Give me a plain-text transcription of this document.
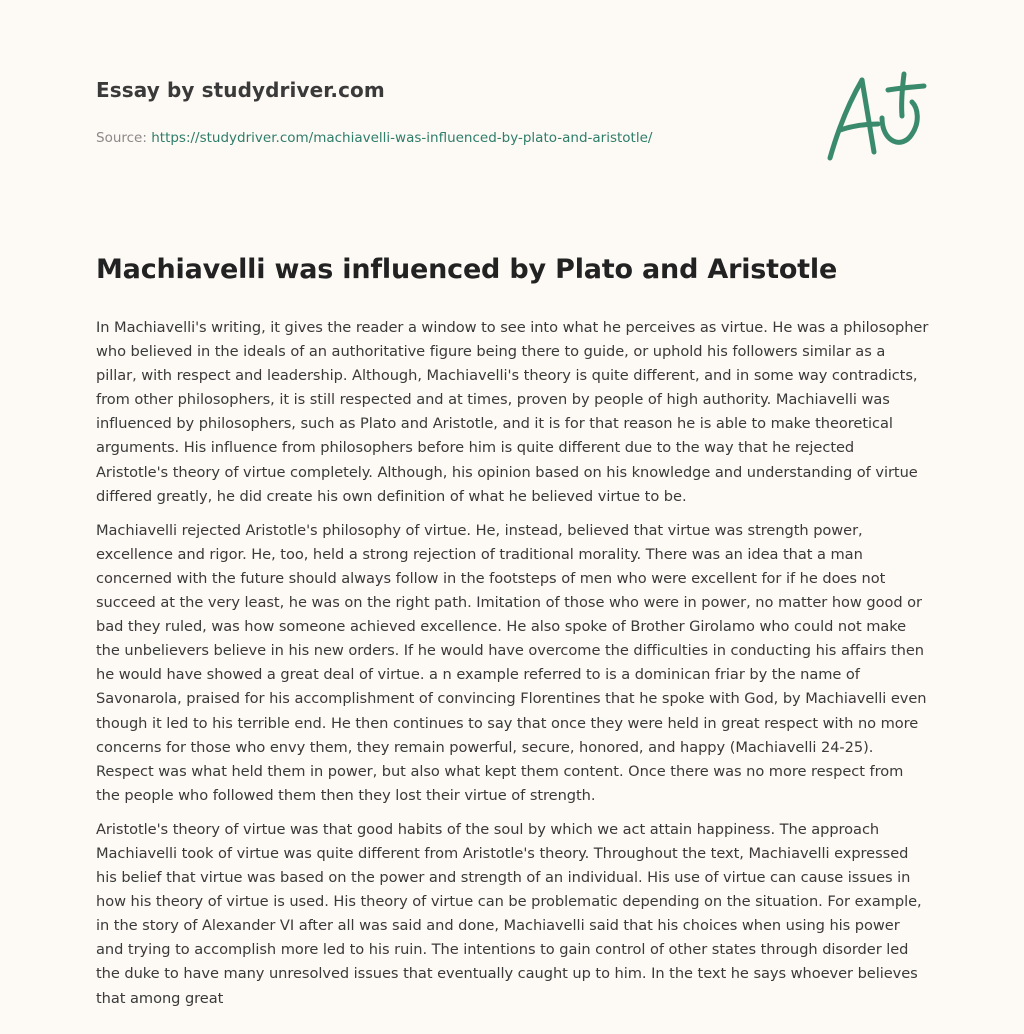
Essay by studydriver.com
Source: https://studydriver.com/machiavelli-was-influenced-by-plato-and-aristotle/
Machiavelli was influenced by Plato and Aristotle

In Machiavelli's writing, it gives the reader a window to see into what he perceives as virtue. He was a philosopher who believed in the ideals of an authoritative figure being there to guide, or uphold his followers similar as a pillar, with respect and leadership. Although, Machiavelli's theory is quite different, and in some way contradicts, from other philosophers, it is still respected and at times, proven by people of high authority. Machiavelli was influenced by philosophers, such as Plato and Aristotle, and it is for that reason he is able to make theoretical arguments. His influence from philosophers before him is quite different due to the way that he rejected Aristotle's theory of virtue completely. Although, his opinion based on his knowledge and understanding of virtue differed greatly, he did create his own definition of what he believed virtue to be.

Machiavelli rejected Aristotle's philosophy of virtue. He, instead, believed that virtue was strength power, excellence and rigor. He, too, held a strong rejection of traditional morality. There was an idea that a man concerned with the future should always follow in the footsteps of men who were excellent for if he does not succeed at the very least, he was on the right path. Imitation of those who were in power, no matter how good or bad they ruled, was how someone achieved excellence. He also spoke of Brother Girolamo who could not make the unbelievers believe in his new orders. If he would have overcome the difficulties in conducting his affairs then he would have showed a great deal of virtue. a n example referred to is a dominican friar by the name of Savonarola, praised for his accomplishment of convincing Florentines that he spoke with God, by Machiavelli even though it led to his terrible end. He then continues to say that once they were held in great respect with no more concerns for those who envy them, they remain powerful, secure, honored, and happy (Machiavelli 24-25). Respect was what held them in power, but also what kept them content. Once there was no more respect from the people who followed them then they lost their virtue of strength.

Aristotle's theory of virtue was that good habits of the soul by which we act attain happiness. The approach Machiavelli took of virtue was quite different from Aristotle's theory. Throughout the text, Machiavelli expressed his belief that virtue was based on the power and strength of an individual. His use of virtue can cause issues in how his theory of virtue is used. His theory of virtue can be problematic depending on the situation. For example, in the story of Alexander VI after all was said and done, Machiavelli said that his choices when using his power and trying to accomplish more led to his ruin. The intentions to gain control of other states through disorder led the duke to have many unresolved issues that eventually caught up to him. In the text he says whoever believes that among great
